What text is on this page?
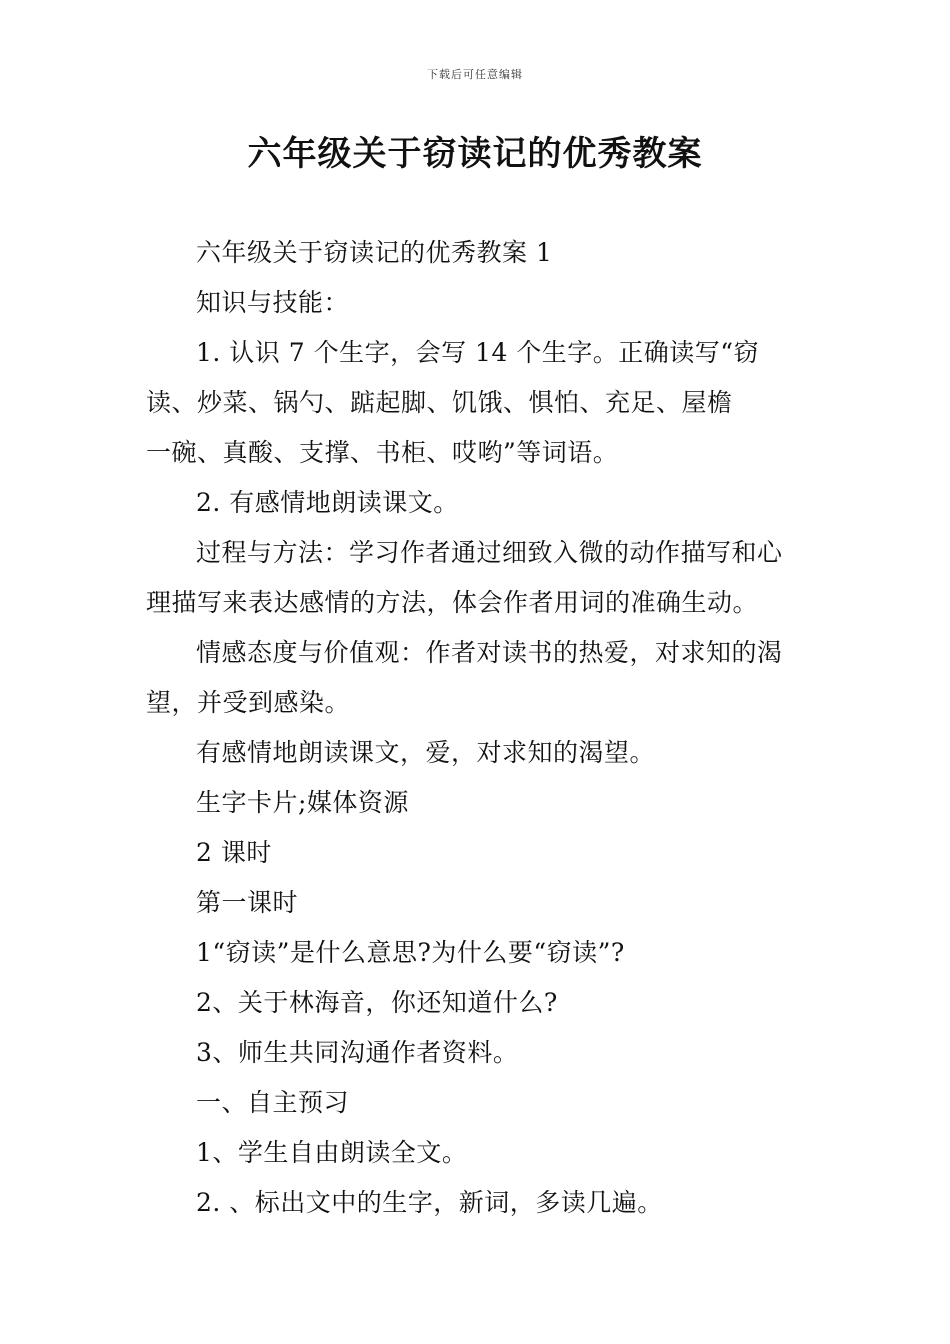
下载后可任意编辑
六年级关于窃读记的优秀教案

六年级关于窃读记的优秀教案 1

知识与技能：

1. 认识 7 个生字，会写 14 个生字。正确读写“窃
读、炒菜、锅勺、踮起脚、饥饿、惧怕、充足、屋檐
一碗、真酸、支撑、书柜、哎哟”等词语。

2. 有感情地朗读课文。

过程与方法：学习作者通过细致入微的动作描写和心
理描写来表达感情的方法，体会作者用词的准确生动。

情感态度与价值观：作者对读书的热爱，对求知的渴
望，并受到感染。

有感情地朗读课文，爱，对求知的渴望。

生字卡片;媒体资源

2 课时

第一课时

1“窃读”是什么意思?为什么要“窃读”?

2、关于林海音，你还知道什么?

3、师生共同沟通作者资料。

一、自主预习

1、学生自由朗读全文。

2. 、标出文中的生字，新词，多读几遍。
